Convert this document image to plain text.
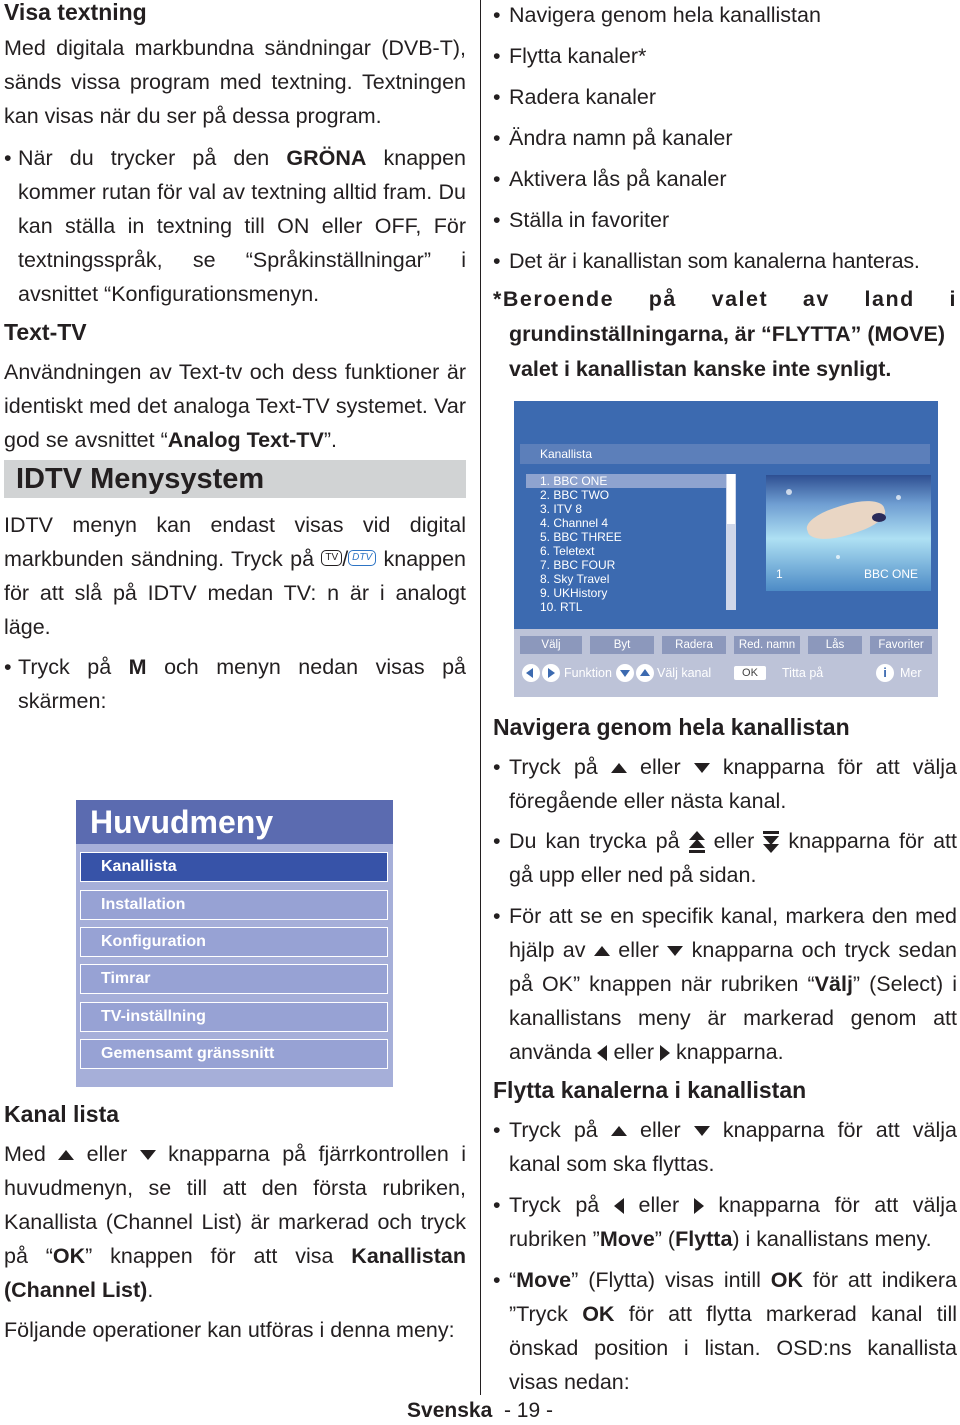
Visa textning

Med digitala markbundna sändningar (DVB-T), sänds vissa program med textning. Textningen kan visas när du ser på dessa program.

• När du trycker på den GRÖNA knappen kommer rutan för val av textning alltid fram. Du kan ställa in textning till ON eller OFF, För textningsspråk, se “Språkinställningar” i avsnittet “Konfigurationsmenyn.

Text-TV

Användningen av Text-tv och dess funktioner är identiskt med det analoga Text-TV systemet. Var god se avsnittet “Analog Text-TV”.

IDTV Menysystem

IDTV menyn kan endast visas vid digital markbunden sändning. Tryck på TV / DTV knappen för att slå på IDTV medan TV: n är i analogt läge.

• Tryck på M och menyn nedan visas på skärmen:

Huvudmeny
Kanallista
Installation
Konfiguration
Timrar
TV-inställning
Gemensamt gränssnitt
Kanal lista

Med  eller  knapparna på fjärrkontrollen i huvudmenyn, se till att den första rubriken, Kanallista (Channel List) är markerad och tryck på “OK” knappen för att visa Kanallistan (Channel List).

Följande operationer kan utföras i denna meny:

• Navigera genom hela kanallistan
• Flytta kanaler*
• Radera kanaler
• Ändra namn på kanaler
• Aktivera lås på kanaler
• Ställa in favoriter
• Det är i kanallistan som kanalerna hanteras.
*Beroende på valet av land i
grundinställningarna, är “FLYTTA” (MOVE)
valet i kanallistan kanske inte synligt.
Kanallista
1. BBC ONE
2. BBC TWO
3. ITV 8
4. Channel 4
5. BBC THREE
6. Teletext
7. BBC FOUR
8. Sky Travel
9. UKHistory
10. RTL
1	BBC ONE
Välj	Byt	Radera	Red. namn	Lås	Favoriter
Funktion	Välj kanal	OK	Titta på	i	Mer
Navigera genom hela kanallistan

• Tryck på  eller  knapparna för att välja föregående eller nästa kanal.

• Du kan trycka på  eller  knapparna för att gå upp eller ned på sidan.

• För att se en specifik kanal, markera den med hjälp av  eller  knapparna och tryck sedan på OK” knappen när rubriken “Välj” (Select) i kanallistans meny är markerad genom att använda  eller  knapparna.

Flytta kanalerna i kanallistan

• Tryck på  eller  knapparna för att välja kanal som ska flyttas.

• Tryck på  eller  knapparna för att välja rubriken ”Move” (Flytta) i kanallistans meny.

• “Move” (Flytta) visas intill OK för att indikera ”Tryck OK för att flytta markerad kanal till önskad position i listan. OSD:ns kanallista visas nedan:

Svenska - 19 -
